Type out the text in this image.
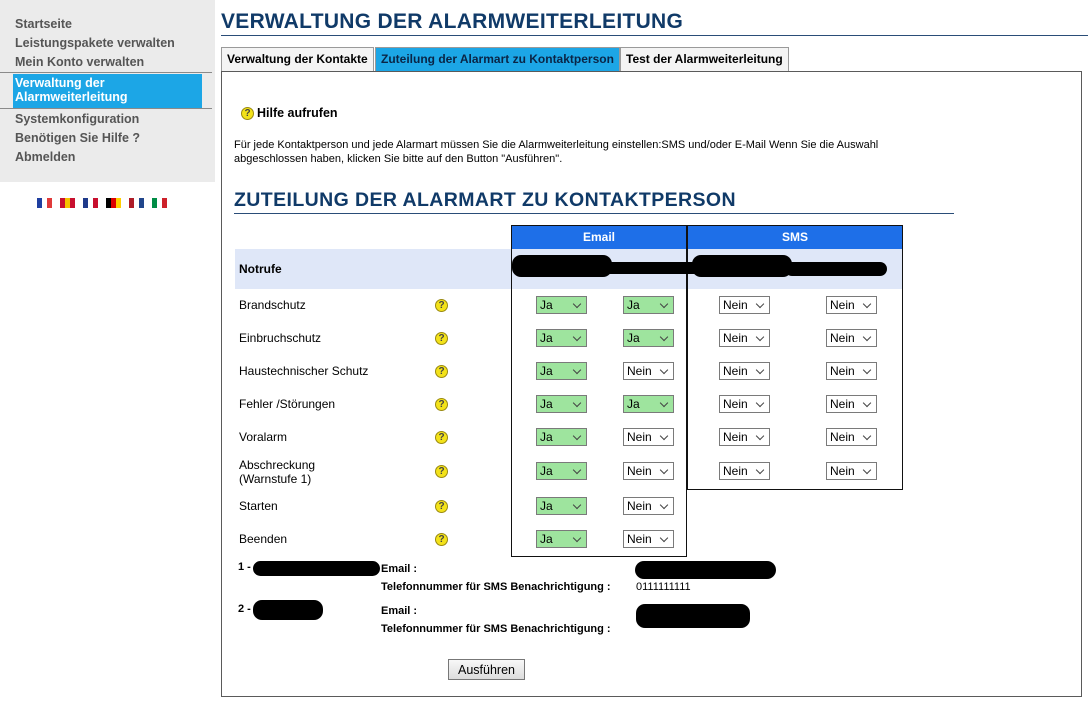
Startseite
Leistungspakete verwalten
Mein Konto verwalten
Verwaltung der
Alarmweiterleitung
Systemkonfiguration
Benötigen Sie Hilfe ?
Abmelden
VERWALTUNG DER ALARMWEITERLEITUNG
Verwaltung der Kontakte	Zuteilung der Alarmart zu Kontaktperson	Test der Alarmweiterleitung
? Hilfe aufrufen
Für jede Kontaktperson und jede Alarmart müssen Sie die Alarmweiterleitung einstellen:SMS und/oder E-Mail Wenn Sie die Auswahl abgeschlossen haben, klicken Sie bitte auf den Button "Ausführen".
ZUTEILUNG DER ALARMART ZU KONTAKTPERSON
Notrufe
Email	SMS
Brandschutz	?	Ja	Ja	Nein	Nein
Einbruchschutz	?	Ja	Ja	Nein	Nein
Haustechnischer Schutz	?	Ja	Nein	Nein	Nein
Fehler /Störungen	?	Ja	Ja	Nein	Nein
Voralarm	?	Ja	Nein	Nein	Nein
Abschreckung
(Warnstufe 1)
?	Ja	Nein	Nein	Nein
Starten	?	Ja	Nein
Beenden	?	Ja	Nein
1 -	Email :
Telefonnummer für SMS Benachrichtigung : 0111111111
2 -	Email :
Telefonnummer für SMS Benachrichtigung :
Ausführen
